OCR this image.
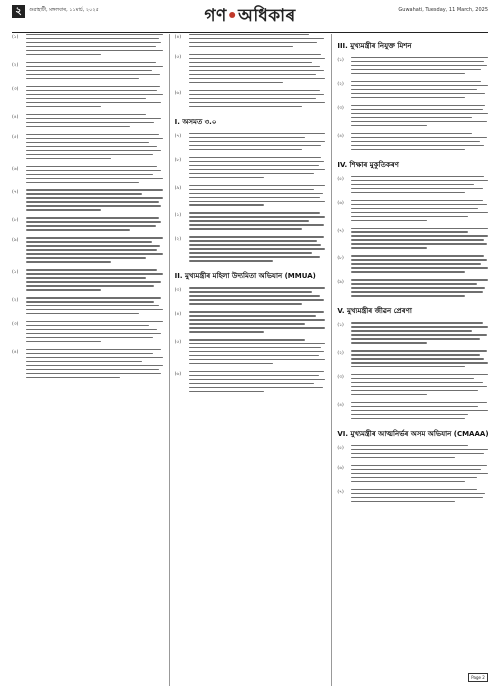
২	গুৱাহাটী, মঙ্গলবাৰ, ১১মাৰ্চ, ২০২৫	গণ•অধিকাৰ	Guwahati, Tuesday, 11 March, 2025
(১)
(২)
(৩)
(৪)
(৫)
(৬)
(৭)
(৮)
(৯)
(১)
(২)
(৩)
(৪)
(৪)
(৫)
(৬)
I. অসমত ৩.০
(৭)
(৮)
(৯)
(১)
(২)
II. মুখ্যমন্ত্ৰীৰ মহিলা উদ্যমিতা অভিযান (MMUA)
(৩)
(৪)
(৫)
(৬)
III. মুখ্যমন্ত্ৰীৰ নিযুক্ত মিশন
(১)
(২)
(৩)
(৪)
IV. শিক্ষাৰ মুকুতিকৰণ
(৫)
(৬)
(৭)
(৮)
(৯)
V. মুখ্যমন্ত্ৰীৰ জীৱন প্ৰেৰণা
(১)
(২)
(৩)
(৪)
VI. মুখ্যমন্ত্ৰীৰ আত্মনিৰ্ভৰ অসম অভিযান (CMAAA)
(৫)
(৬)
(৭)
Page 2
